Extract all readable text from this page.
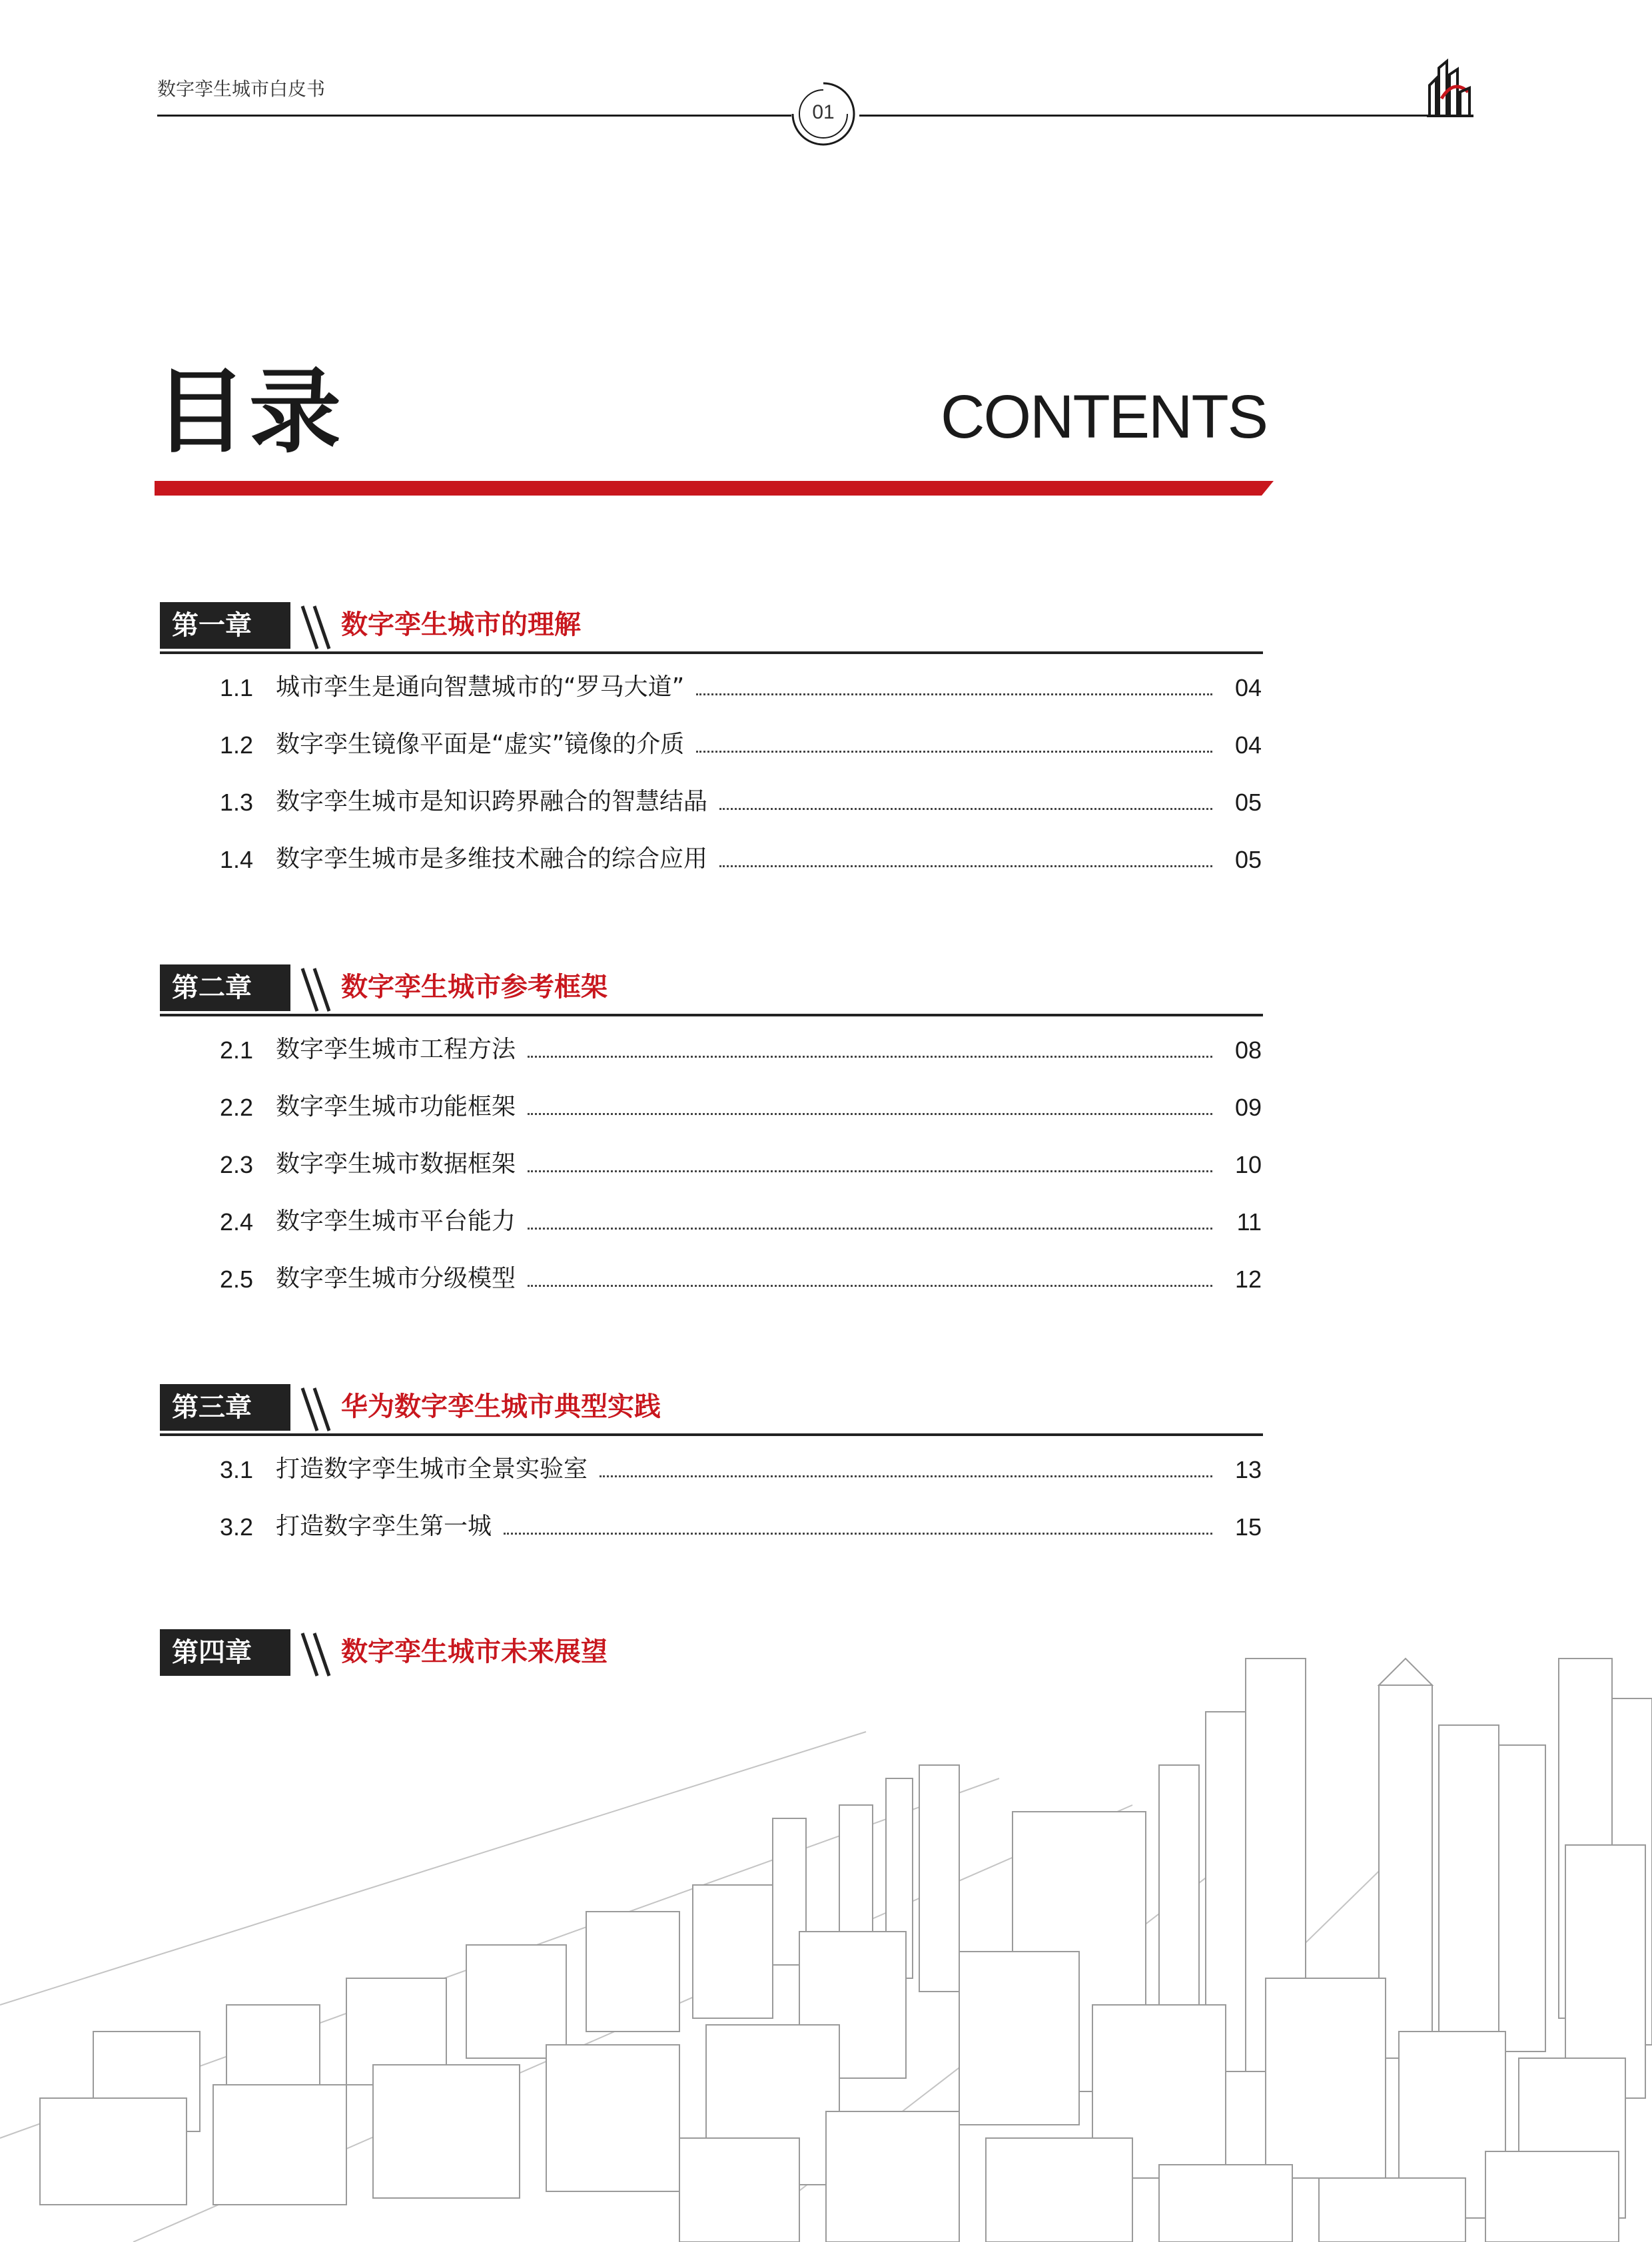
数字孪生城市白皮书
01
目录	CONTENTS
第一章	数字孪生城市的理解
1.1 城市孪生是通向智慧城市的“罗马大道”	04
1.2 数字孪生镜像平面是“虚实”镜像的介质	04
1.3 数字孪生城市是知识跨界融合的智慧结晶	05
1.4 数字孪生城市是多维技术融合的综合应用	05
第二章	数字孪生城市参考框架
2.1 数字孪生城市工程方法	08
2.2 数字孪生城市功能框架	09
2.3 数字孪生城市数据框架	10
2.4 数字孪生城市平台能力	11
2.5 数字孪生城市分级模型	12
第三章	华为数字孪生城市典型实践
3.1 打造数字孪生城市全景实验室	13
3.2 打造数字孪生第一城	15
第四章	数字孪生城市未来展望
